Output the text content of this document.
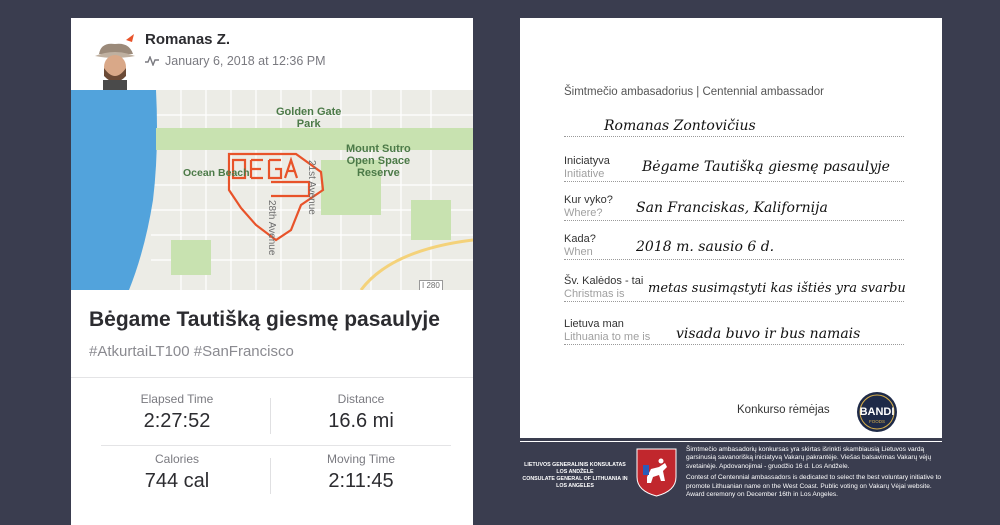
Romanas Z.
January 6, 2018 at 12:36 PM
Golden Gate
Park
Ocean Beach
Mount Sutro
Open Space
Reserve
28th Avenue
21st Avenue
I 280
Bėgame Tautišką giesmę pasaulyje
#AtkurtaiLT100 #SanFrancisco
Elapsed Time
2:27:52
Distance
16.6 mi
Calories
744 cal
Moving Time
2:11:45
Šimtmečio ambasadorius | Centennial ambassador
Romanas Zontovičius
Iniciatyva
Initiative	Bėgame Tautišką giesmę pasaulyje
Kur vyko?
Where?	San Franciskas, Kalifornija
Kada?
When	2018 m. sausio 6 d.
Šv. Kalėdos - tai
Christmas is	metas susimąstyti kas ištiės yra svarbu
Lietuva man
Lithuania to me is visada buvo ir bus namais
Konkurso rėmėjas	BANDI
FOODS
LIETUVOS GENERALINIS KONSULATAS LOS ANDŽELE
CONSULATE GENERAL OF LITHUANIA IN LOS ANGELES

Šimtmečio ambasadorių konkursas yra skirtas išrinkti skambiausią Lietuvos vardą garsinusią savanorišką iniciatyvą Vakarų pakrantėje. Viešas balsavimas Vakarų vėjų svetainėje. Apdovanojimai - gruodžio 16 d. Los Andžele.

Contest of Centennial ambassadors is dedicated to select the best voluntary initiative to promote Lithuanian name on the West Coast. Public voting on Vakarų Vėjai website. Award ceremony on December 16th in Los Angeles.
